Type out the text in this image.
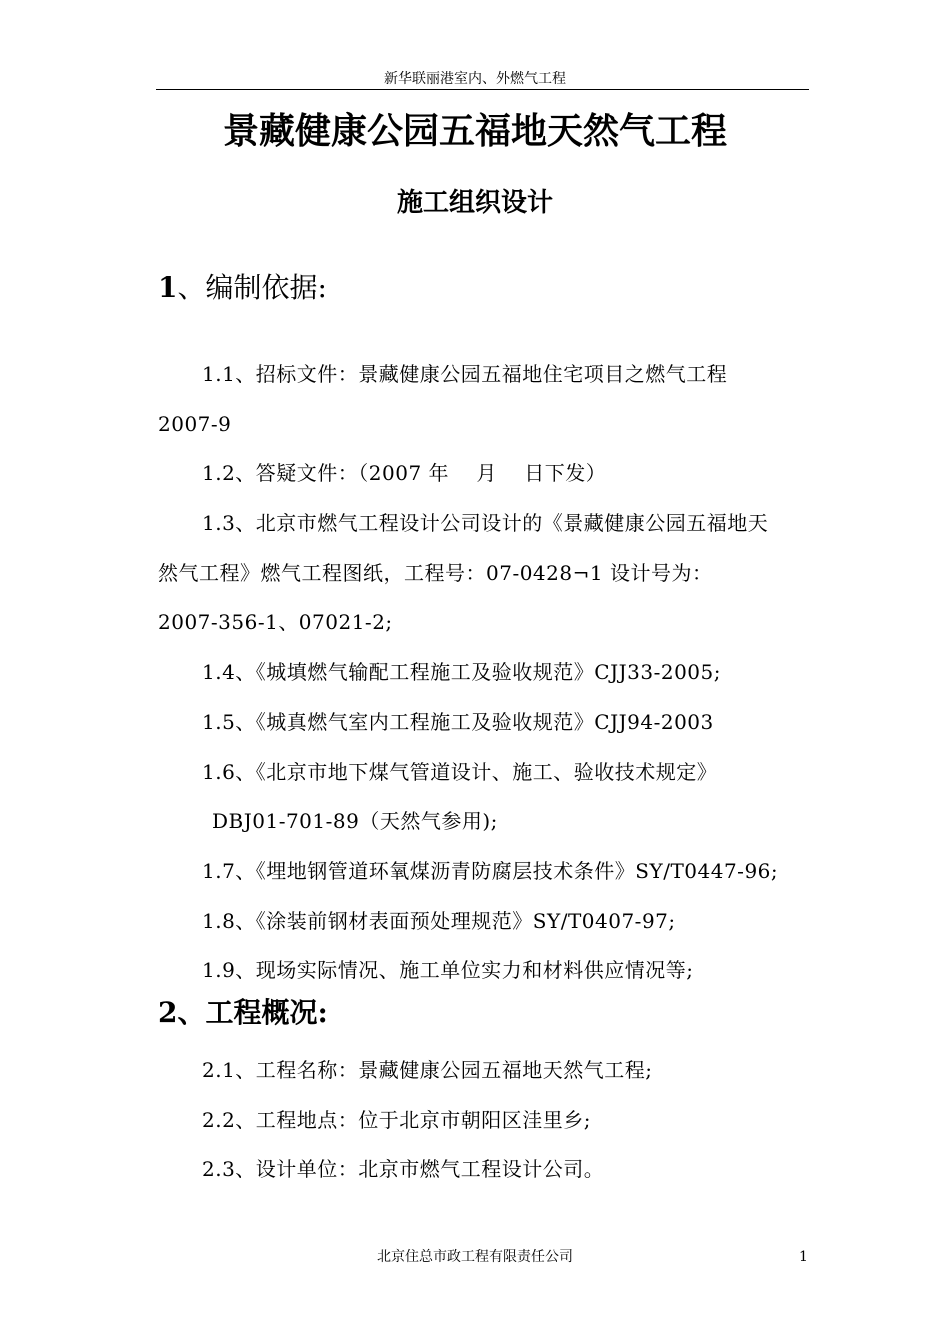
新华联丽港室内、外燃气工程
景藏健康公园五福地天然气工程
施工组织设计
1、编制依据:
1.1、招标文件：景藏健康公园五福地住宅项目之燃气工程
2007-9
1.2、答疑文件：（2007 年　 月　 日下发）
1.3、北京市燃气工程设计公司设计的《景藏健康公园五福地天
然气工程》燃气工程图纸，工程号：07-0428¬1 设计号为：
2007-356-1、07021-2;
1.4、《城填燃气输配工程施工及验收规范》CJJ33-2005;
1.5、《城真燃气室内工程施工及验收规范》CJJ94-2003
1.6、《北京市地下煤气管道设计、施工、验收技术规定》
DBJ01-701-89（天然气参用);
1.7、《埋地钢管道环氧煤沥青防腐层技术条件》SY/T0447-96;
1.8、《涂装前钢材表面预处理规范》SY/T0407-97;
1.9、现场实际情况、施工单位实力和材料供应情况等;
2、工程概况:
2.1、工程名称：景藏健康公园五福地天然气工程;
2.2、工程地点：位于北京市朝阳区洼里乡;
2.3、设计单位：北京市燃气工程设计公司。
北京住总市政工程有限责任公司	1
